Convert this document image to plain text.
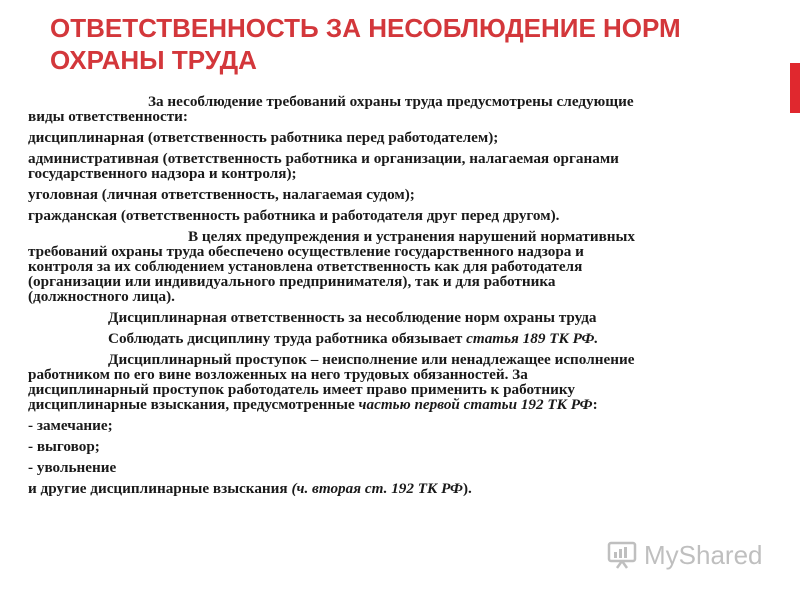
ОТВЕТСТВЕННОСТЬ ЗА НЕСОБЛЮДЕНИЕ НОРМ
ОХРАНЫ ТРУДА

За несоблюдение требований охраны труда предусмотрены следующие
виды ответственности:

дисциплинарная (ответственность работника перед работодателем);

административная (ответственность работника и организации, налагаемая органами
государственного надзора и контроля);

уголовная (личная ответственность, налагаемая судом);

гражданская (ответственность работника и работодателя друг перед другом).

В целях предупреждения и устранения нарушений нормативных
требований охраны труда обеспечено осуществление государственного надзора и
контроля за их соблюдением установлена ответственность как для работодателя
(организации или индивидуального предпринимателя), так и для работника
(должностного лица).

Дисциплинарная ответственность за несоблюдение норм охраны труда

Соблюдать дисциплину труда работника обязывает статья 189 ТК РФ.

Дисциплинарный проступок – неисполнение или ненадлежащее исполнение
работником по его вине возложенных на него трудовых обязанностей. За
дисциплинарный проступок работодатель имеет право применить к работнику
дисциплинарные взыскания, предусмотренные частью первой статьи 192 ТК РФ:

- замечание;

- выговор;

- увольнение

и другие дисциплинарные взыскания (ч. вторая ст. 192 ТК РФ).

MyShared
